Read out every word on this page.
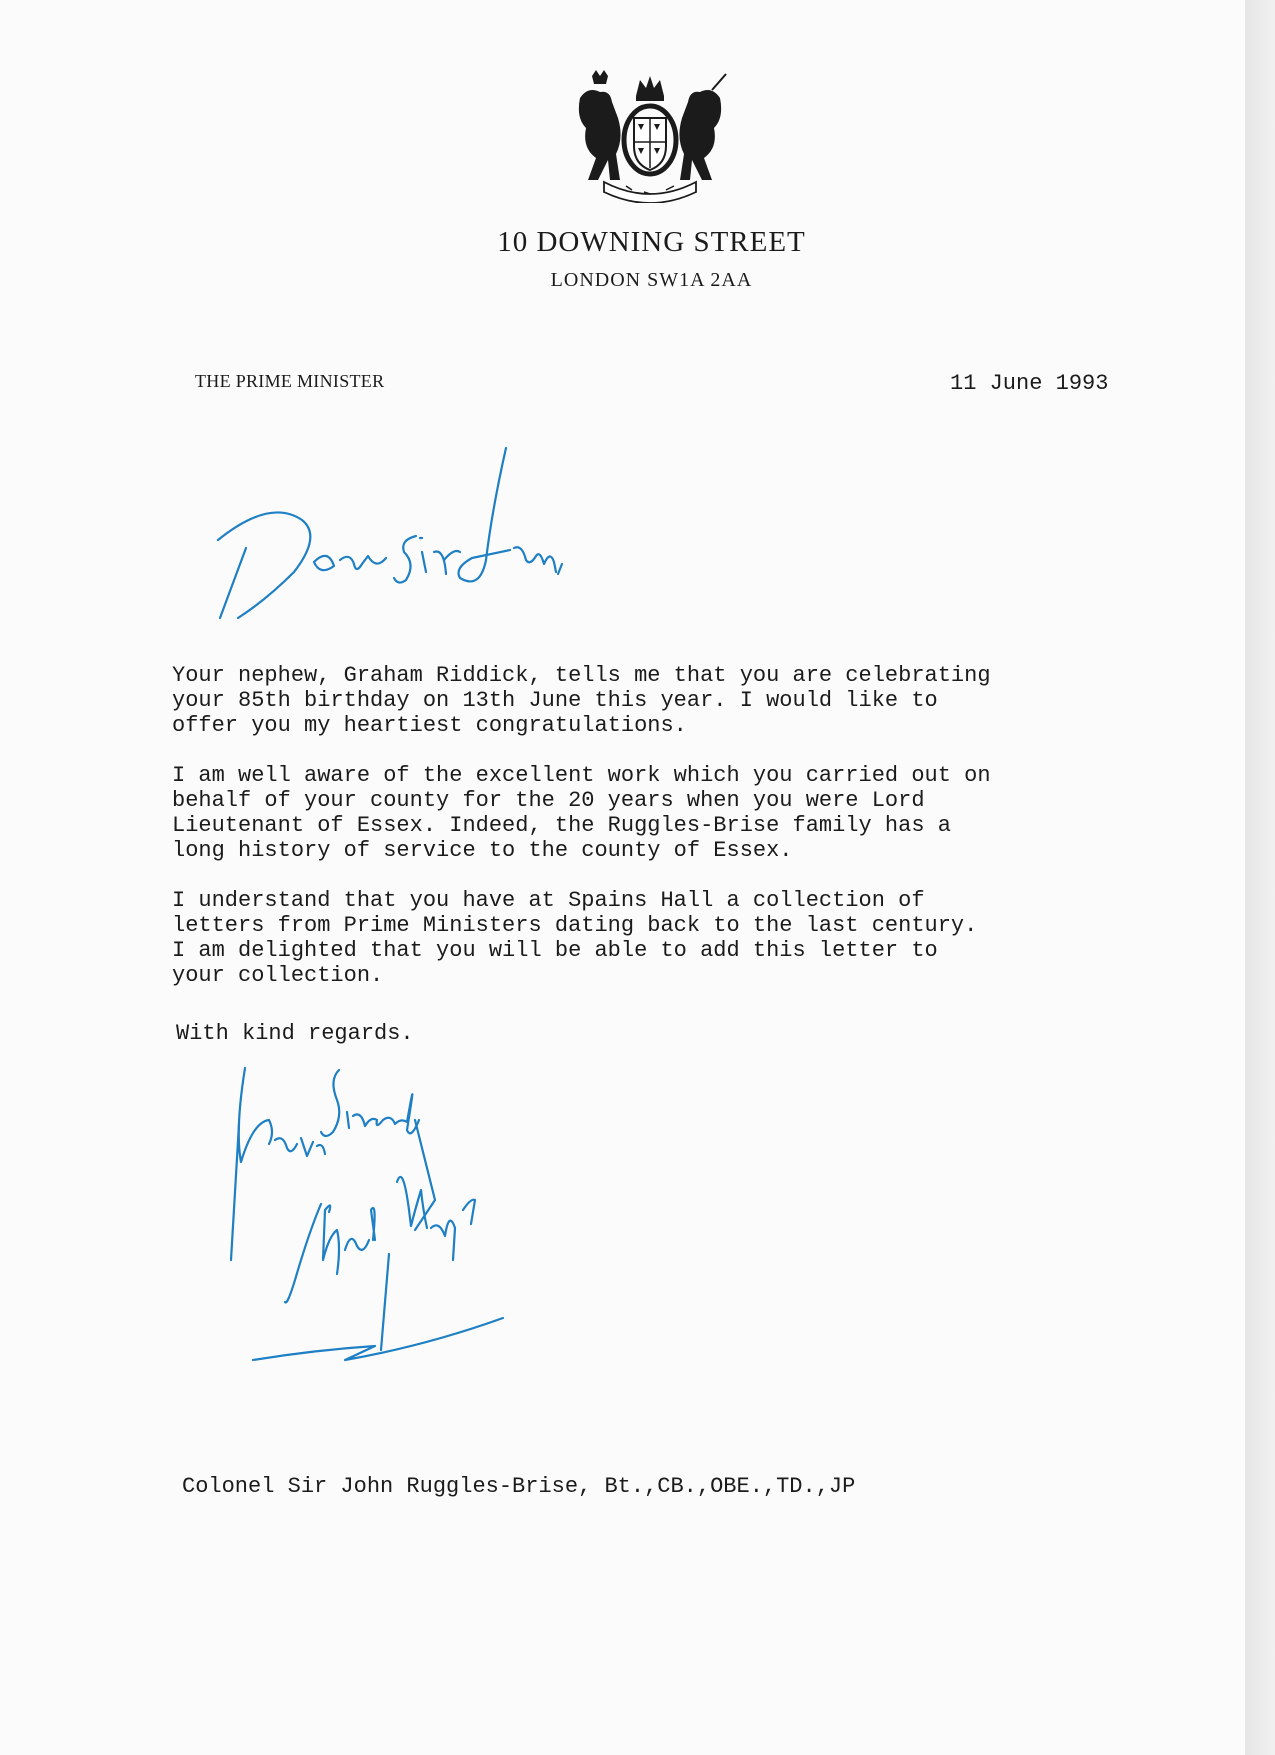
10 DOWNING STREET
LONDON SW1A 2AA
THE PRIME MINISTER	11 June 1993

Your nephew, Graham Riddick, tells me that you are celebrating
your 85th birthday on 13th June this year. I would like to
offer you my heartiest congratulations.

I am well aware of the excellent work which you carried out on
behalf of your county for the 20 years when you were Lord
Lieutenant of Essex. Indeed, the Ruggles-Brise family has a
long history of service to the county of Essex.

I understand that you have at Spains Hall a collection of
letters from Prime Ministers dating back to the last century.
I am delighted that you will be able to add this letter to
your collection.

With kind regards.
Colonel Sir John Ruggles-Brise, Bt.,CB.,OBE.,TD.,JP
